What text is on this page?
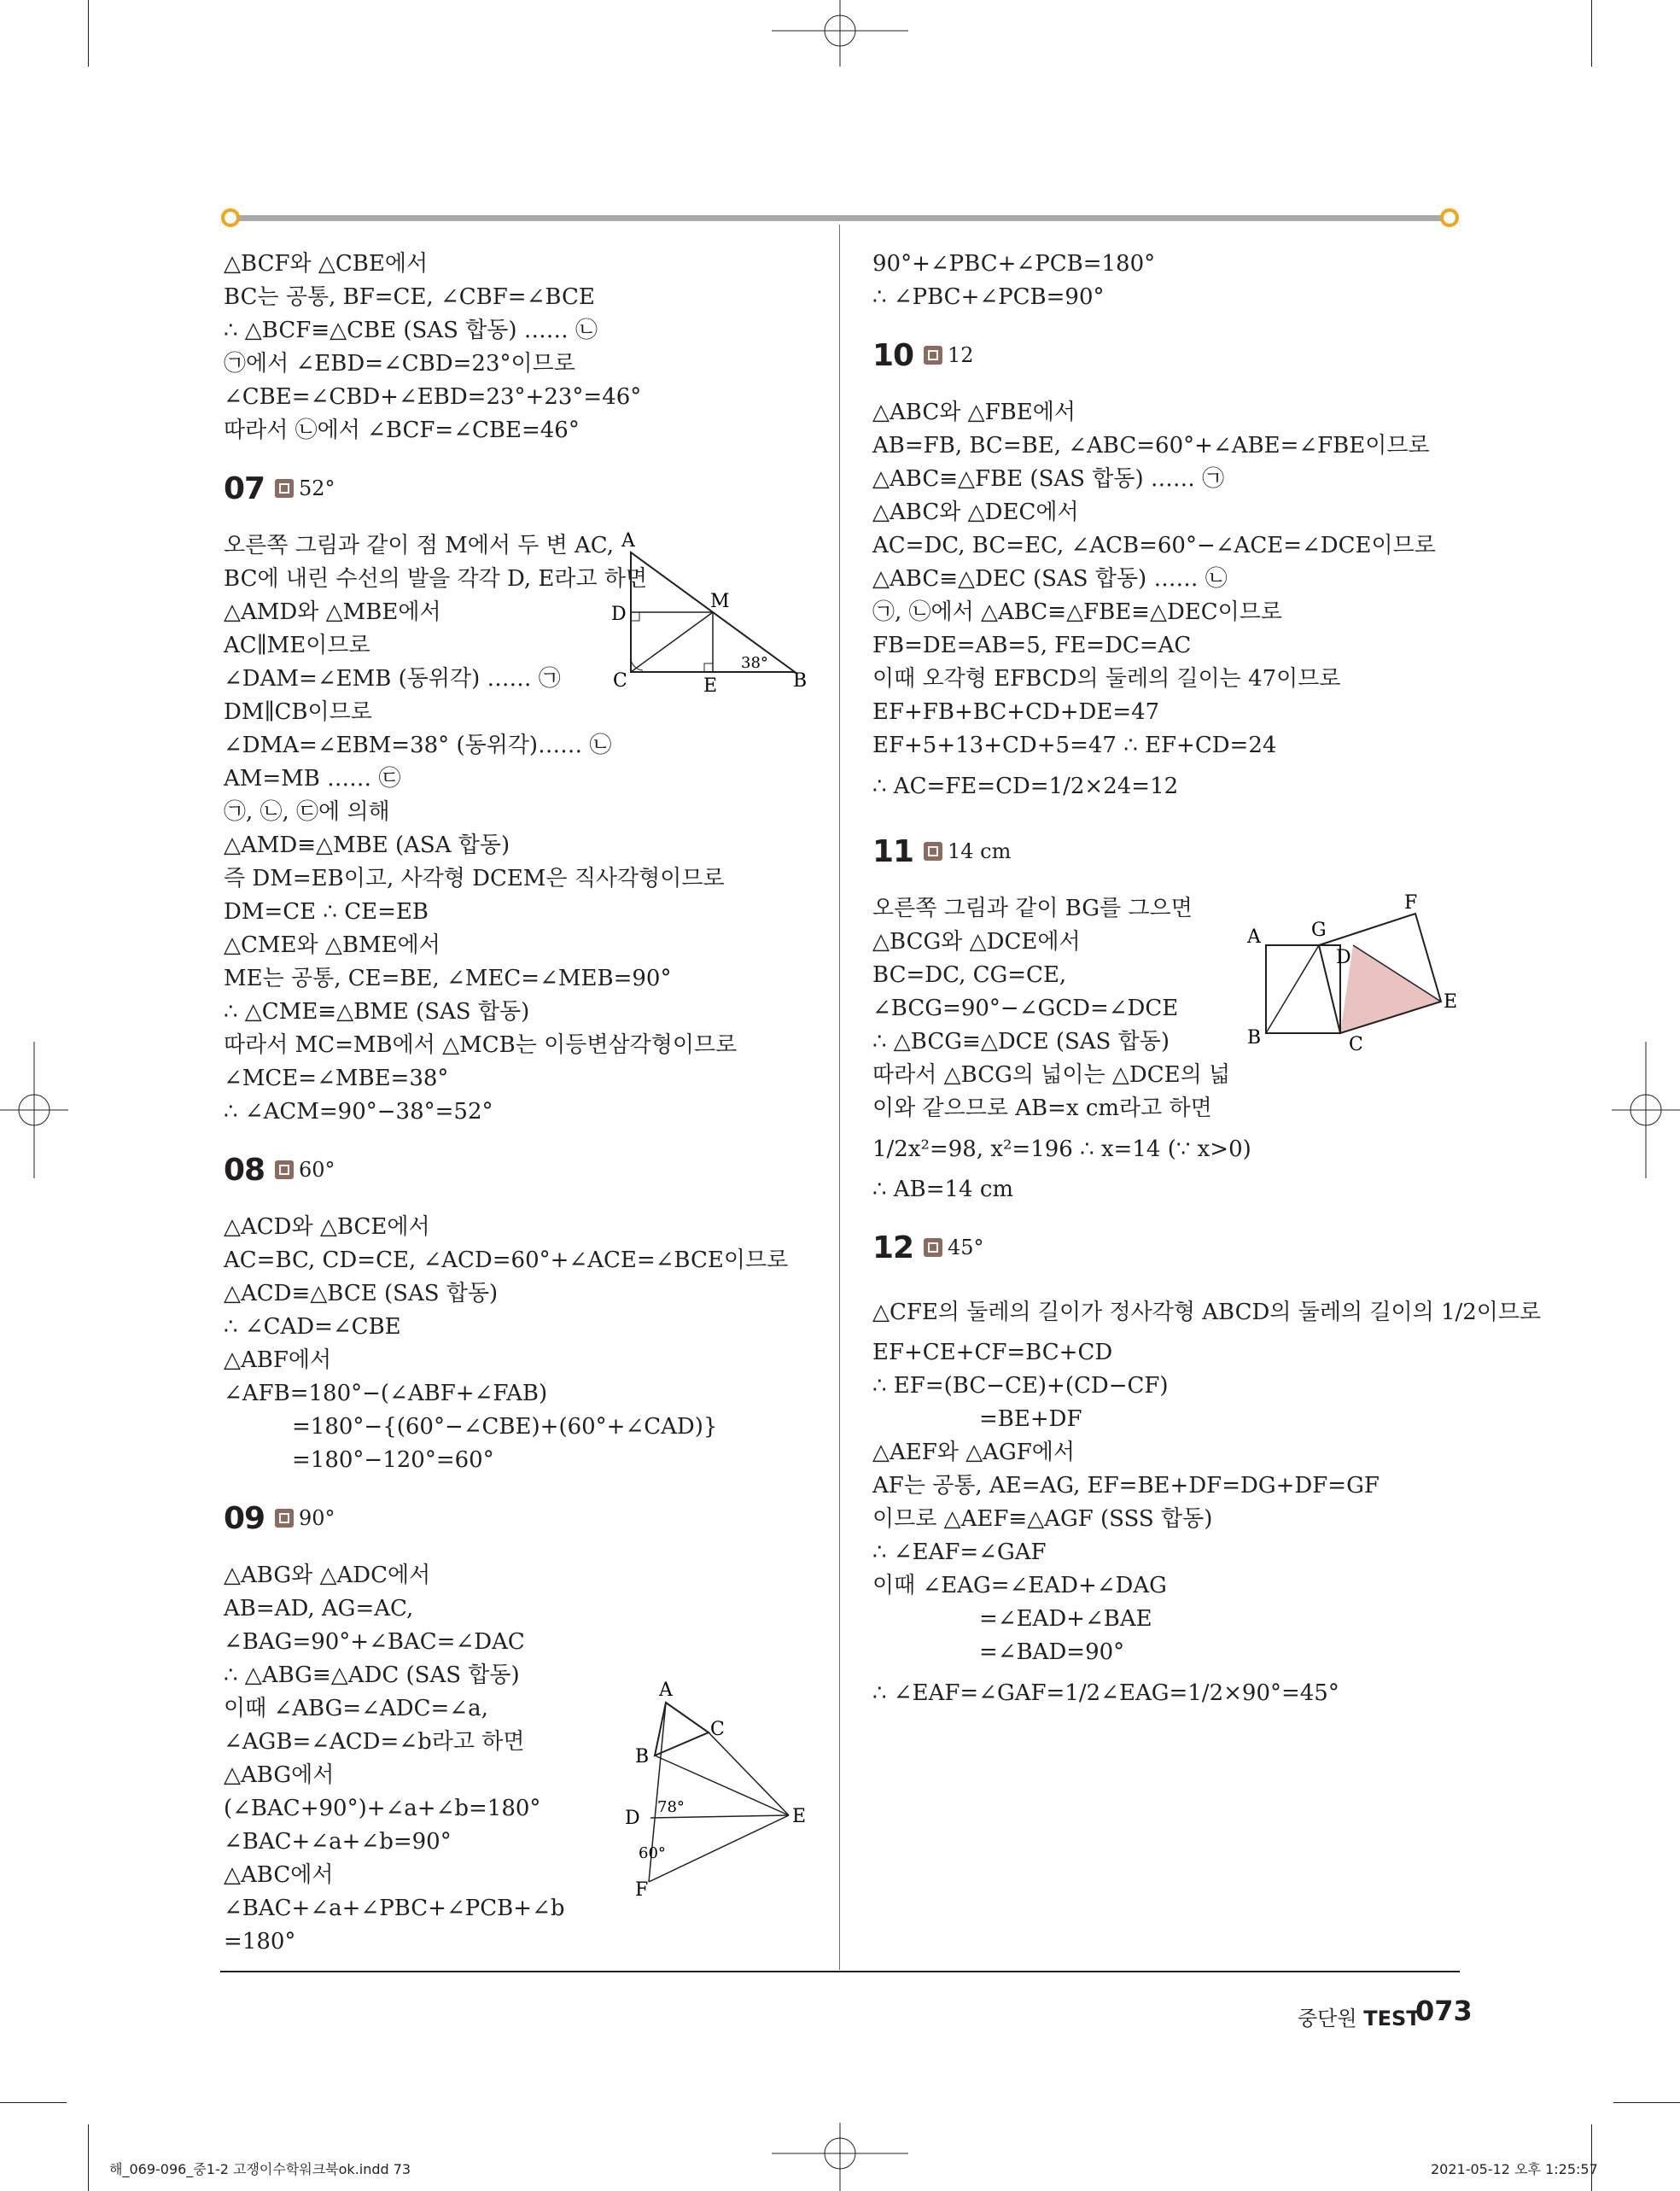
△BCF와 △CBE에서
BC는 공통, BF=CE, ∠CBF=∠BCE
∴ △BCF≡△CBE (SAS 합동) …… ㉡
㉠에서 ∠EBD=∠CBD=23°이므로
∠CBE=∠CBD+∠EBD=23°+23°=46°
따라서 ㉡에서 ∠BCF=∠CBE=46°
07	52°
오른쪽 그림과 같이 점 M에서 두 변 AC,
BC에 내린 수선의 발을 각각 D, E라고 하면
△AMD와 △MBE에서
AC∥ME이므로
∠DAM=∠EMB (동위각) …… ㉠
DM∥CB이므로
∠DMA=∠EBM=38° (동위각)…… ㉡
AM=MB …… ㉢
㉠, ㉡, ㉢에 의해
△AMD≡△MBE (ASA 합동)
즉 DM=EB이고, 사각형 DCEM은 직사각형이므로
DM=CE ∴ CE=EB
△CME와 △BME에서
ME는 공통, CE=BE, ∠MEC=∠MEB=90°
∴ △CME≡△BME (SAS 합동)
따라서 MC=MB에서 △MCB는 이등변삼각형이므로
∠MCE=∠MBE=38°
∴ ∠ACM=90°−38°=52°
08	60°
△ACD와 △BCE에서
AC=BC, CD=CE, ∠ACD=60°+∠ACE=∠BCE이므로
△ACD≡△BCE (SAS 합동)
∴ ∠CAD=∠CBE
△ABF에서
∠AFB=180°−(∠ABF+∠FAB)
=180°−{(60°−∠CBE)+(60°+∠CAD)}
=180°−120°=60°
09	90°
△ABG와 △ADC에서
AB=AD, AG=AC,
∠BAG=90°+∠BAC=∠DAC
∴ △ABG≡△ADC (SAS 합동)
이때 ∠ABG=∠ADC=∠a,
∠AGB=∠ACD=∠b라고 하면
△ABG에서
(∠BAC+90°)+∠a+∠b=180°
∠BAC+∠a+∠b=90°
△ABC에서
∠BAC+∠a+∠PBC+∠PCB+∠b
=180°
90°+∠PBC+∠PCB=180°
∴ ∠PBC+∠PCB=90°
10	12
△ABC와 △FBE에서
AB=FB, BC=BE, ∠ABC=60°+∠ABE=∠FBE이므로
△ABC≡△FBE (SAS 합동) …… ㉠
△ABC와 △DEC에서
AC=DC, BC=EC, ∠ACB=60°−∠ACE=∠DCE이므로
△ABC≡△DEC (SAS 합동) …… ㉡
㉠, ㉡에서 △ABC≡△FBE≡△DEC이므로
FB=DE=AB=5, FE=DC=AC
이때 오각형 EFBCD의 둘레의 길이는 47이므로
EF+FB+BC+CD+DE=47
EF+5+13+CD+5=47 ∴ EF+CD=24
∴ AC=FE=CD=1/2×24=12
11	14 cm
오른쪽 그림과 같이 BG를 그으면
△BCG와 △DCE에서
BC=DC, CG=CE,
∠BCG=90°−∠GCD=∠DCE
∴ △BCG≡△DCE (SAS 합동)
따라서 △BCG의 넓이는 △DCE의 넓
이와 같으므로 AB=x cm라고 하면
1/2x²=98, x²=196 ∴ x=14 (∵ x>0)
∴ AB=14 cm
12	45°
△CFE의 둘레의 길이가 정사각형 ABCD의 둘레의 길이의 1/2이므로
EF+CE+CF=BC+CD
∴ EF=(BC−CE)+(CD−CF)
=BE+DF
△AEF와 △AGF에서
AF는 공통, AE=AG, EF=BE+DF=DG+DF=GF
이므로 △AEF≡△AGF (SSS 합동)
∴ ∠EAF=∠GAF
이때 ∠EAG=∠EAD+∠DAG
=∠EAD+∠BAE
=∠BAD=90°
∴ ∠EAF=∠GAF=1/2∠EAG=1/2×90°=45°
A
D
M
C	E	B
38°
A
B
C
D	E
F
78°
60°
A	G
D
F
B	C
E
중단원 TEST
073
해_069-096_중1-2 고쟁이수학워크북ok.indd 73	2021-05-12 오후 1:25:57
